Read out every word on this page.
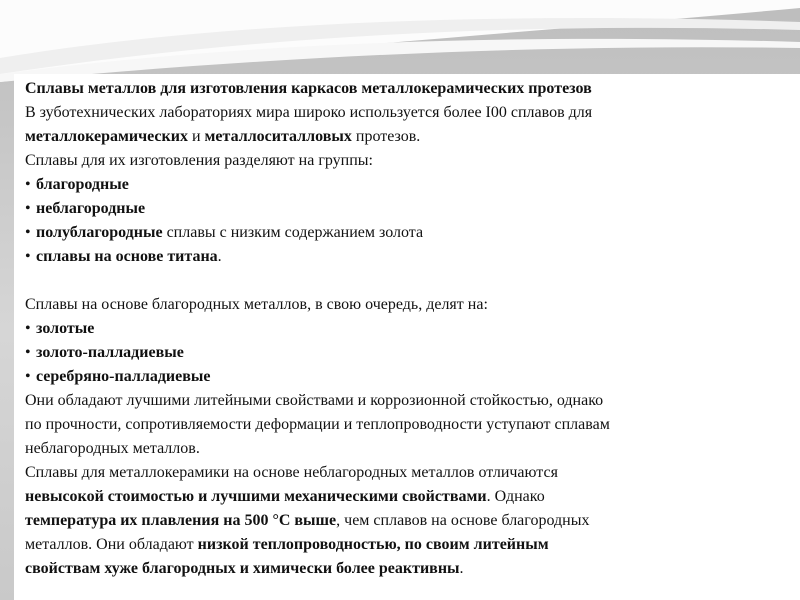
Сплавы металлов для изготовления каркасов металлокерамических протезов
В зуботехнических лабораториях мира широко используется более I00 сплавов для
металлокерамических и металлоситалловых протезов.
Сплавы для их изготовления разделяют на группы:
• благородные
• неблагородные
• полублагородные сплавы с низким содержанием золота
• сплавы на основе титана.
Сплавы на основе благородных металлов, в свою очередь, делят на:
• золотые
• золото-палладиевые
• серебряно-палладиевые
Они обладают лучшими литейными свойствами и коррозионной стойкостью, однако
по прочности, сопротивляемости деформации и теплопроводности уступают сплавам
неблагородных металлов.
Сплавы для металлокерамики на основе неблагородных металлов отличаются
невысокой стоимостью и лучшими механическими свойствами. Однако
температура их плавления на 500 °С выше, чем сплавов на основе благородных
металлов. Они обладают низкой теплопроводностью, по своим литейным
свойствам хуже благородных и химически более реактивны.
